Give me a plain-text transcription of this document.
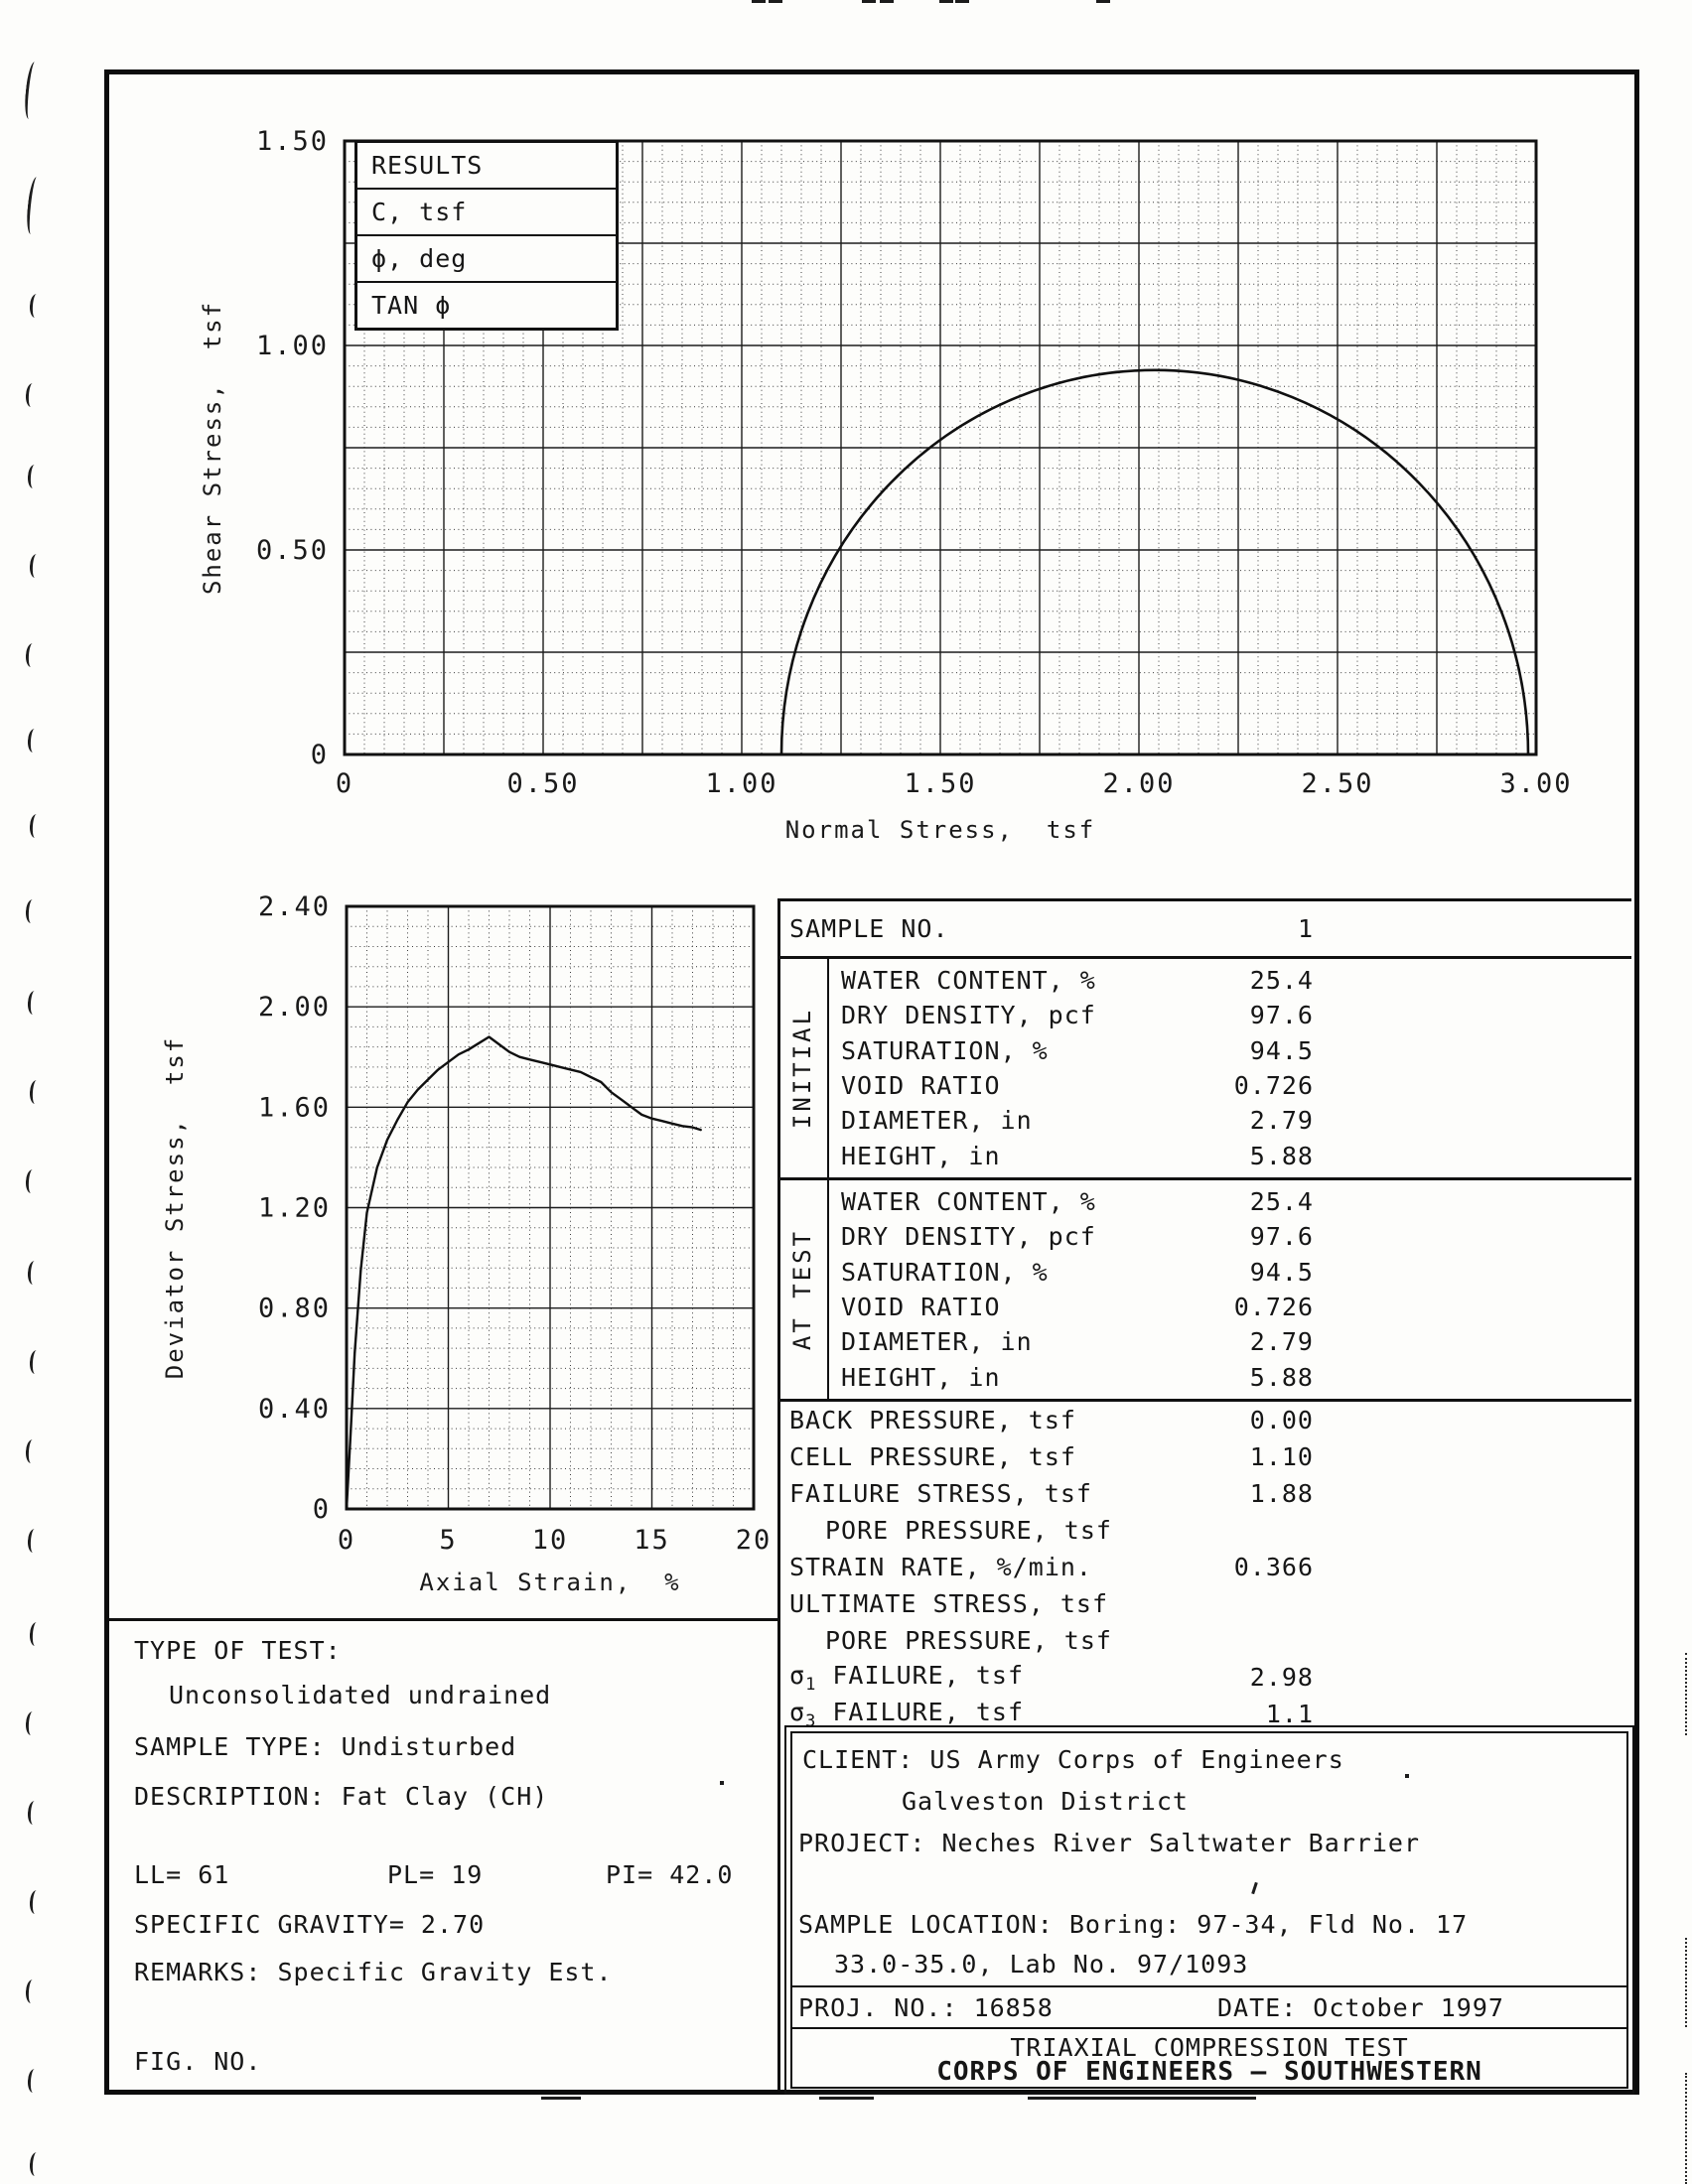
0	0.50	1.00	1.50	2.00	2.50	3.00
0
0.50
1.00
1.50
Normal Stress,  tsf
Shear Stress,  tsf
RESULTS
C, tsf
ϕ, deg
TAN ϕ
0	5	10 15 20
0
0.40
0.80
1.20
1.60
2.00
2.40
Axial Strain,  %
Deviator Stress,  tsf
SAMPLE NO.	1
INITIAL
WATER CONTENT, %	25.4
DRY DENSITY, pcf	97.6
SATURATION, %	94.5
VOID RATIO	0.726
DIAMETER, in	2.79
HEIGHT, in	5.88
AT TEST
WATER CONTENT, %	25.4
DRY DENSITY, pcf	97.6
SATURATION, %	94.5
VOID RATIO	0.726
DIAMETER, in	2.79
HEIGHT, in	5.88
BACK PRESSURE, tsf	0.00
CELL PRESSURE, tsf	1.10
FAILURE STRESS, tsf	1.88
PORE PRESSURE, tsf
STRAIN RATE, %/min.	0.366
ULTIMATE STRESS, tsf
PORE PRESSURE, tsf
$\sigma_1$ FAILURE, tsf	2.98
$\sigma_3$ FAILURE, tsf	1.1
TYPE OF TEST:
Unconsolidated undrained
SAMPLE TYPE: Undisturbed
DESCRIPTION: Fat Clay (CH)
LL= 61	PL= 19	PI= 42.0
SPECIFIC GRAVITY= 2.70
REMARKS: Specific Gravity Est.
FIG. NO.
CLIENT: US Army Corps of Engineers
Galveston District
PROJECT: Neches River Saltwater Barrier
SAMPLE LOCATION: Boring: 97-34, Fld No. 17
33.0-35.0, Lab No. 97/1093
PROJ. NO.: 16858	DATE: October 1997
TRIAXIAL COMPRESSION TEST
CORPS OF ENGINEERS – SOUTHWESTERN
